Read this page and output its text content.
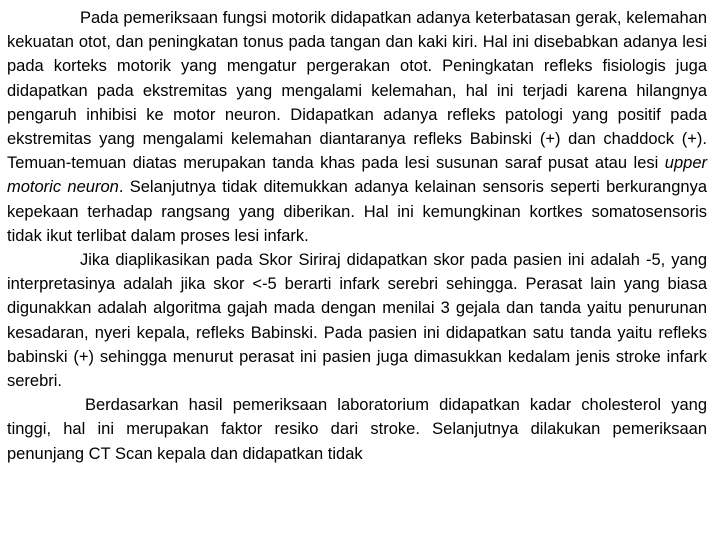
Pada pemeriksaan fungsi motorik didapatkan adanya keterbatasan gerak, kelemahan kekuatan otot, dan peningkatan tonus pada tangan dan kaki kiri. Hal ini disebabkan adanya lesi pada korteks motorik yang mengatur pergerakan otot. Peningkatan refleks fisiologis juga didapatkan pada ekstremitas yang mengalami kelemahan, hal ini terjadi karena hilangnya pengaruh inhibisi ke motor neuron. Didapatkan adanya refleks patologi yang positif pada ekstremitas yang mengalami kelemahan diantaranya refleks Babinski (+) dan chaddock (+). Temuan-temuan diatas merupakan tanda khas pada lesi susunan saraf pusat atau lesi upper motoric neuron. Selanjutnya tidak ditemukkan adanya kelainan sensoris seperti berkurangnya kepekaan terhadap rangsang yang diberikan. Hal ini kemungkinan kortkes somatosensoris tidak ikut terlibat dalam proses lesi infark.

Jika diaplikasikan pada Skor Siriraj didapatkan skor pada pasien ini adalah -5, yang interpretasinya adalah jika skor <-5 berarti infark serebri sehingga. Perasat lain yang biasa digunakkan adalah algoritma gajah mada dengan menilai 3 gejala dan tanda yaitu penurunan kesadaran, nyeri kepala, refleks Babinski. Pada pasien ini didapatkan satu tanda yaitu refleks babinski (+) sehingga menurut perasat ini pasien juga dimasukkan kedalam jenis stroke infark serebri.

Berdasarkan hasil pemeriksaan laboratorium didapatkan kadar cholesterol yang tinggi, hal ini merupakan faktor resiko dari stroke. Selanjutnya dilakukan pemeriksaan penunjang CT Scan kepala dan didapatkan tidak
